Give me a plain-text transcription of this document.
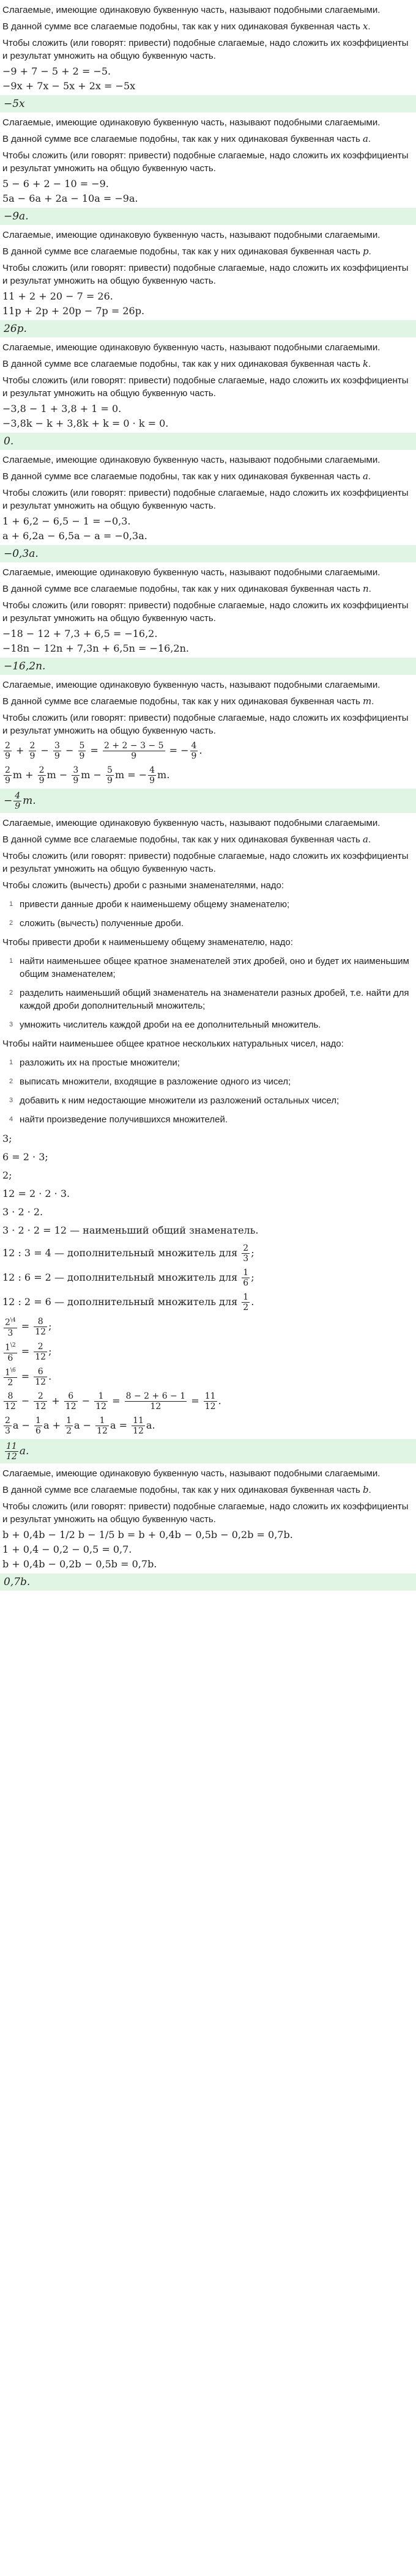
Слагаемые, имеющие одинаковую буквенную часть, называют подобными слагаемыми.

В данной сумме все слагаемые подобны, так как у них одинаковая буквенная часть x.

Чтобы сложить (или говорят: привести) подобные слагаемые, надо сложить их коэффициенты и результат умножить на общую буквенную часть.

−9 + 7 − 5 + 2 = −5.
−9x + 7x − 5x + 2x = −5x
−5x

Слагаемые, имеющие одинаковую буквенную часть, называют подобными слагаемыми.

В данной сумме все слагаемые подобны, так как у них одинаковая буквенная часть a.

Чтобы сложить (или говорят: привести) подобные слагаемые, надо сложить их коэффициенты и результат умножить на общую буквенную часть.

5 − 6 + 2 − 10 = −9.
5a − 6a + 2a − 10a = −9a.
−9a.

Слагаемые, имеющие одинаковую буквенную часть, называют подобными слагаемыми.

В данной сумме все слагаемые подобны, так как у них одинаковая буквенная часть p.

Чтобы сложить (или говорят: привести) подобные слагаемые, надо сложить их коэффициенты и результат умножить на общую буквенную часть.

11 + 2 + 20 − 7 = 26.
11p + 2p + 20p − 7p = 26p.
26p.

Слагаемые, имеющие одинаковую буквенную часть, называют подобными слагаемыми.

В данной сумме все слагаемые подобны, так как у них одинаковая буквенная часть k.

Чтобы сложить (или говорят: привести) подобные слагаемые, надо сложить их коэффициенты и результат умножить на общую буквенную часть.

−3,8 − 1 + 3,8 + 1 = 0.
−3,8k − k + 3,8k + k = 0 · k = 0.
0.

Слагаемые, имеющие одинаковую буквенную часть, называют подобными слагаемыми.

В данной сумме все слагаемые подобны, так как у них одинаковая буквенная часть a.

Чтобы сложить (или говорят: привести) подобные слагаемые, надо сложить их коэффициенты и результат умножить на общую буквенную часть.

1 + 6,2 − 6,5 − 1 = −0,3.
a + 6,2a − 6,5a − a = −0,3a.
−0,3a.

Слагаемые, имеющие одинаковую буквенную часть, называют подобными слагаемыми.

В данной сумме все слагаемые подобны, так как у них одинаковая буквенная часть n.

Чтобы сложить (или говорят: привести) подобные слагаемые, надо сложить их коэффициенты и результат умножить на общую буквенную часть.

−18 − 12 + 7,3 + 6,5 = −16,2.
−18n − 12n + 7,3n + 6,5n = −16,2n.
−16,2n.

Слагаемые, имеющие одинаковую буквенную часть, называют подобными слагаемыми.

В данной сумме все слагаемые подобны, так как у них одинаковая буквенная часть m.

Чтобы сложить (или говорят: привести) подобные слагаемые, надо сложить их коэффициенты и результат умножить на общую буквенную часть.

$\frac{2}{9} + \frac{2}{9} - \frac{3}{9} - \frac{5}{9} = \frac{2 + 2 - 3 - 5}{9}$ = − $\frac{4}{9}$ .
$\frac{2}{9}$ $m + \frac{2}{9}$ $m - \frac{3}{9}$ $m - \frac{5}{9}$ m = − $\frac{4}{9} m$.
− $\frac{4}{9} m$.

Слагаемые, имеющие одинаковую буквенную часть, называют подобными слагаемыми.

В данной сумме все слагаемые подобны, так как у них одинаковая буквенная часть a.

Чтобы сложить (или говорят: привести) подобные слагаемые, надо сложить их коэффициенты и результат умножить на общую буквенную часть.

Чтобы сложить (вычесть) дроби с разными знаменателями, надо:

1 привести данные дроби к наименьшему общему знаменателю;
2 сложить (вычесть) полученные дроби.

Чтобы привести дроби к наименьшему общему знаменателю, надо:

1 найти наименьшее общее кратное знаменателей этих дробей, оно и будет их наименьшим общим знаменателем;
2 разделить наименьший общий знаменатель на знаменатели разных дробей, т.е. найти для каждой дроби дополнительный множитель;
3 умножить числитель каждой дроби на ее дополнительный множитель.

Чтобы найти наименьшее общее кратное нескольких натуральных чисел, надо:

1 разложить их на простые множители;
2 выписать множители, входящие в разложение одного из чисел;
3 добавить к ним недостающие множители из разложений остальных чисел;
4 найти произведение получившихся множителей.
3;
6 = 2 · 3;
2;
12 = 2 · 2 · 3.
3 · 2 · 2.
3 · 2 · 2 = 12 — наименьший общий знаменатель.
12 : 3 = 4 — дополнительный множитель для $\frac{2}{3}$ ;
12 : 6 = 2 — дополнительный множитель для $\frac{1}{6}$ ;
12 : 2 = 6 — дополнительный множитель для $\frac{1}{2}$ .
$\frac{2^{\backslash 4}}{3} = \frac{8}{12}$ ;
$\frac{1^{\backslash 2}}{6} = \frac{2}{12}$ ;
$\frac{1^{\backslash 6}}{2} = \frac{6}{12}$ .
$\frac{8}{12} - \frac{2}{12} + \frac{6}{12} - \frac{1}{12} = \frac{8 - 2 + 6 - 1}{12} = \frac{11}{12}$ .
$\frac{2}{3}$ $a - \frac{1}{6}$ $a + \frac{1}{2}$ $a - \frac{1}{12}$ $a = \frac{11}{12} a$.
$\frac{11}{12} a$.

Слагаемые, имеющие одинаковую буквенную часть, называют подобными слагаемыми.

В данной сумме все слагаемые подобны, так как у них одинаковая буквенная часть b.

Чтобы сложить (или говорят: привести) подобные слагаемые, надо сложить их коэффициенты и результат умножить на общую буквенную часть.

b + 0,4b − 1/2 b − 1/5 b = b + 0,4b − 0,5b − 0,2b = 0,7b.
1 + 0,4 − 0,2 − 0,5 = 0,7.
b + 0,4b − 0,2b − 0,5b = 0,7b.
0,7b.
